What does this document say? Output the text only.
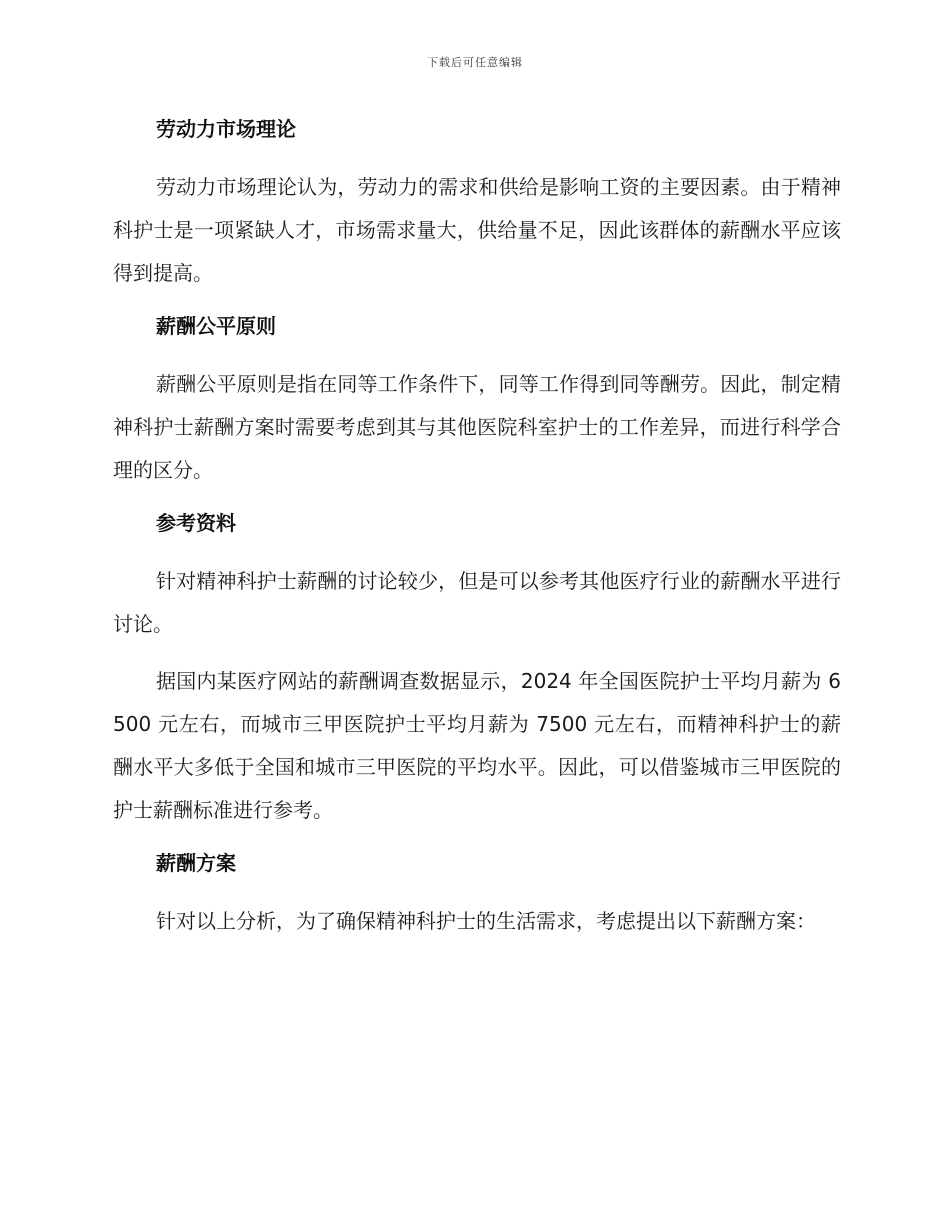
下载后可任意编辑
劳动力市场理论

劳动力市场理论认为，劳动力的需求和供给是影响工资的主要因素。由于精神科护士是一项紧缺人才，市场需求量大，供给量不足，因此该群体的薪酬水平应该得到提高。

薪酬公平原则

薪酬公平原则是指在同等工作条件下，同等工作得到同等酬劳。因此，制定精神科护士薪酬方案时需要考虑到其与其他医院科室护士的工作差异，而进行科学合理的区分。

参考资料

针对精神科护士薪酬的讨论较少，但是可以参考其他医疗行业的薪酬水平进行讨论。

据国内某医疗网站的薪酬调查数据显示，2024 年全国医院护士平均月薪为 6500 元左右，而城市三甲医院护士平均月薪为 7500 元左右，而精神科护士的薪酬水平大多低于全国和城市三甲医院的平均水平。因此，可以借鉴城市三甲医院的护士薪酬标准进行参考。

薪酬方案

针对以上分析，为了确保精神科护士的生活需求，考虑提出以下薪酬方案：
